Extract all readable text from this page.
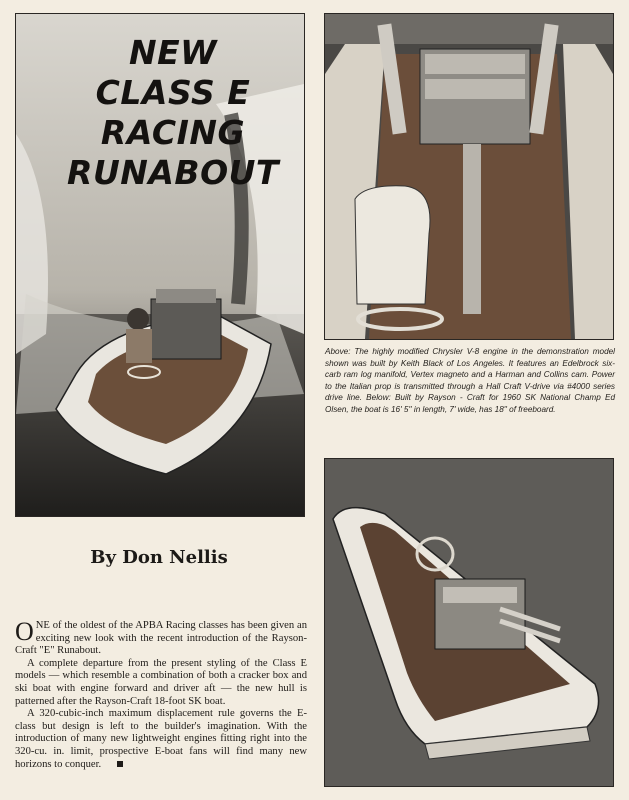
NEW
CLASS E
RACING
RUNABOUT

Above: The highly modified Chrysler V-8 engine in the demonstration model shown was built by Keith Black of Los Angeles. It features an Edelbrock six-carb ram log manifold, Vertex magneto and a Harman and Collins cam. Power to the Italian prop is transmitted through a Hall Craft V-drive via #4000 series drive line. Below: Built by Rayson - Craft for 1960 SK National Champ Ed Olsen, the boat is 16' 5'' in length, 7' wide, has 18'' of freeboard.

By Don Nellis

ONE of the oldest of the APBA Racing classes has been given an exciting new look with the recent introduction of the Rayson-Craft "E" Runabout.

A complete departure from the present styling of the Class E models — which resemble a combination of both a cracker box and ski boat with engine forward and driver aft — the new hull is patterned after the Rayson-Craft 18-foot SK boat.

A 320-cubic-inch maximum displacement rule governs the E-class but design is left to the builder's imagination. With the introduction of many new lightweight engines fitting right into the 320-cu. in. limit, prospective E-boat fans will find many new horizons to conquer.
